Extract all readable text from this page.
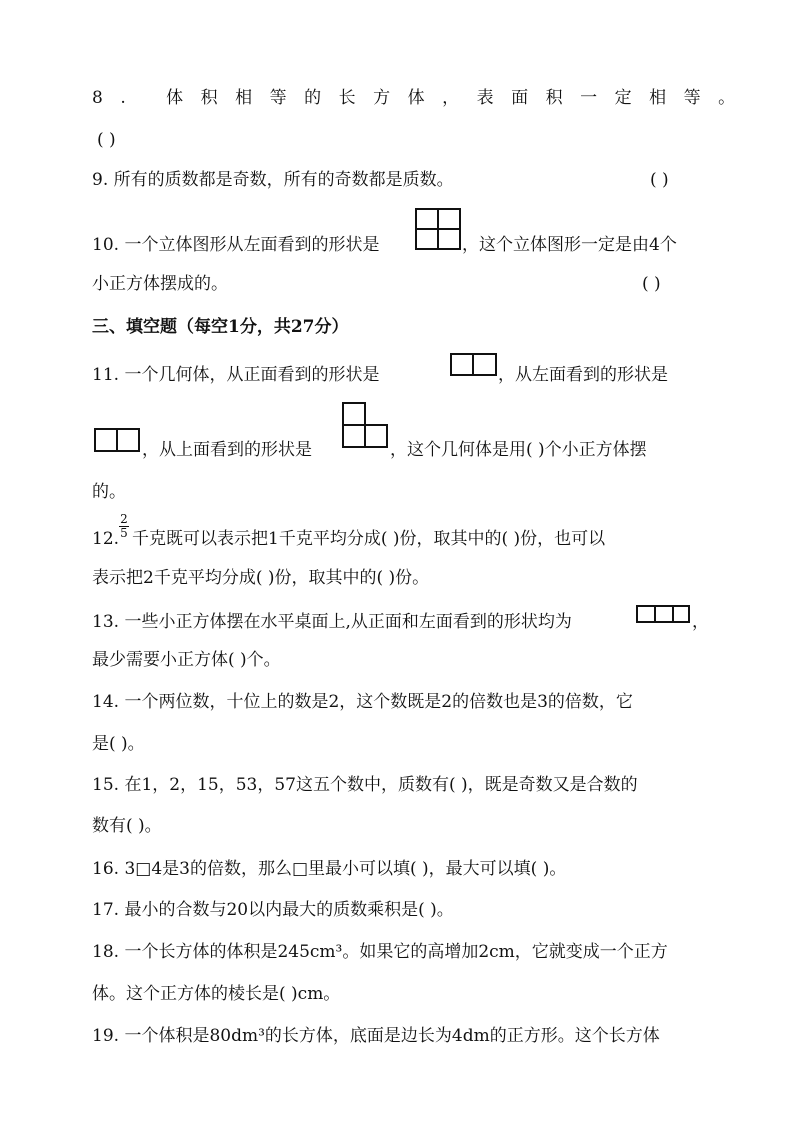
8. 体积相等的长方体，表面积一定相等。
( )
9. 所有的质数都是奇数，所有的奇数都是质数。	( )
10. 一个立体图形从左面看到的形状是	，这个立体图形一定是由4个
小正方体摆成的。	( )
三、填空题（每空1分，共27分）
11. 一个几何体，从正面看到的形状是	，从左面看到的形状是
，从上面看到的形状是	，这个几何体是用( )个小正方体摆
的。
12.
2
5 千克既可以表示把1千克平均分成( )份，取其中的( )份，也可以
表示把2千克平均分成( )份，取其中的( )份。
13. 一些小正方体摆在水平桌面上,从正面和左面看到的形状均为	，
最少需要小正方体( )个。
14. 一个两位数，十位上的数是2，这个数既是2的倍数也是3的倍数，它
是( )。
15. 在1，2，15，53，57这五个数中，质数有( )，既是奇数又是合数的
数有( )。
16. 3□4是3的倍数，那么□里最小可以填( )，最大可以填( )。
17. 最小的合数与20以内最大的质数乘积是( )。
18. 一个长方体的体积是245cm³。如果它的高增加2cm，它就变成一个正方
体。这个正方体的棱长是( )cm。
19. 一个体积是80dm³的长方体，底面是边长为4dm的正方形。这个长方体
